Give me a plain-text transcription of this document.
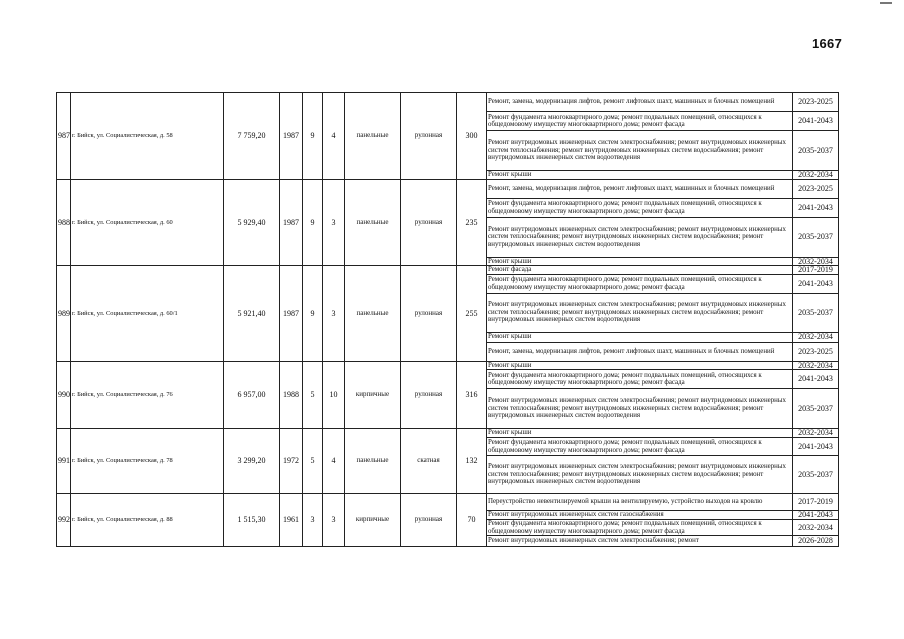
1667
987	г. Бийск, ул. Социалистическая, д. 58	7 759,20	1987	9	4	панельные	рулонная	300	Ремонт, замена, модернизация лифтов, ремонт лифтовых шахт, машинных и блочных помещений	2023-2025
									Ремонт фундамента многоквартирного дома; ремонт подвальных помещений, относящихся к общедомовому имуществу многоквартирного дома; ремонт фасада	2041-2043
									Ремонт внутридомовых инженерных систем электроснабжения; ремонт внутридомовых инженерных систем теплоснабжения; ремонт внутридомовых инженерных систем водоснабжения; ремонт внутридомовых инженерных систем водоотведения	2035-2037
									Ремонт крыши	2032-2034
988	г. Бийск, ул. Социалистическая, д. 60	5 929,40	1987	9	3	панельные	рулонная	235	Ремонт, замена, модернизация лифтов, ремонт лифтовых шахт, машинных и блочных помещений	2023-2025
									Ремонт фундамента многоквартирного дома; ремонт подвальных помещений, относящихся к общедомовому имуществу многоквартирного дома; ремонт фасада	2041-2043
									Ремонт внутридомовых инженерных систем электроснабжения; ремонт внутридомовых инженерных систем теплоснабжения; ремонт внутридомовых инженерных систем водоснабжения; ремонт внутридомовых инженерных систем водоотведения	2035-2037
									Ремонт крыши	2032-2034
989	г. Бийск, ул. Социалистическая, д. 60/1	5 921,40	1987	9	3	панельные	рулонная	255	Ремонт фасада	2017-2019
									Ремонт фундамента многоквартирного дома; ремонт подвальных помещений, относящихся к общедомовому имуществу многоквартирного дома; ремонт фасада	2041-2043
									Ремонт внутридомовых инженерных систем электроснабжения; ремонт внутридомовых инженерных систем теплоснабжения; ремонт внутридомовых инженерных систем водоснабжения; ремонт внутридомовых инженерных систем водоотведения	2035-2037
									Ремонт крыши	2032-2034
									Ремонт, замена, модернизация лифтов, ремонт лифтовых шахт, машинных и блочных помещений	2023-2025
990	г. Бийск, ул. Социалистическая, д. 76	6 957,00	1988	5	10	кирпичные	рулонная	316	Ремонт крыши	2032-2034
									Ремонт фундамента многоквартирного дома; ремонт подвальных помещений, относящихся к общедомовому имуществу многоквартирного дома; ремонт фасада	2041-2043
									Ремонт внутридомовых инженерных систем электроснабжения; ремонт внутридомовых инженерных систем теплоснабжения; ремонт внутридомовых инженерных систем водоснабжения; ремонт внутридомовых инженерных систем водоотведения	2035-2037
991	г. Бийск, ул. Социалистическая, д. 78	3 299,20	1972	5	4	панельные	скатная	132	Ремонт крыши	2032-2034
									Ремонт фундамента многоквартирного дома; ремонт подвальных помещений, относящихся к общедомовому имуществу многоквартирного дома; ремонт фасада	2041-2043
									Ремонт внутридомовых инженерных систем электроснабжения; ремонт внутридомовых инженерных систем теплоснабжения; ремонт внутридомовых инженерных систем водоснабжения; ремонт внутридомовых инженерных систем водоотведения	2035-2037
992	г. Бийск, ул. Социалистическая, д. 88	1 515,30	1961	3	3	кирпичные	рулонная	70	Переустройство невентилируемой крыши на вентилируемую, устройство выходов на кровлю	2017-2019
									Ремонт внутридомовых инженерных систем газоснабжения	2041-2043
									Ремонт фундамента многоквартирного дома; ремонт подвальных помещений, относящихся к общедомовому имуществу многоквартирного дома; ремонт фасада	2032-2034
									Ремонт внутридомовых инженерных систем электроснабжения; ремонт	2026-2028
